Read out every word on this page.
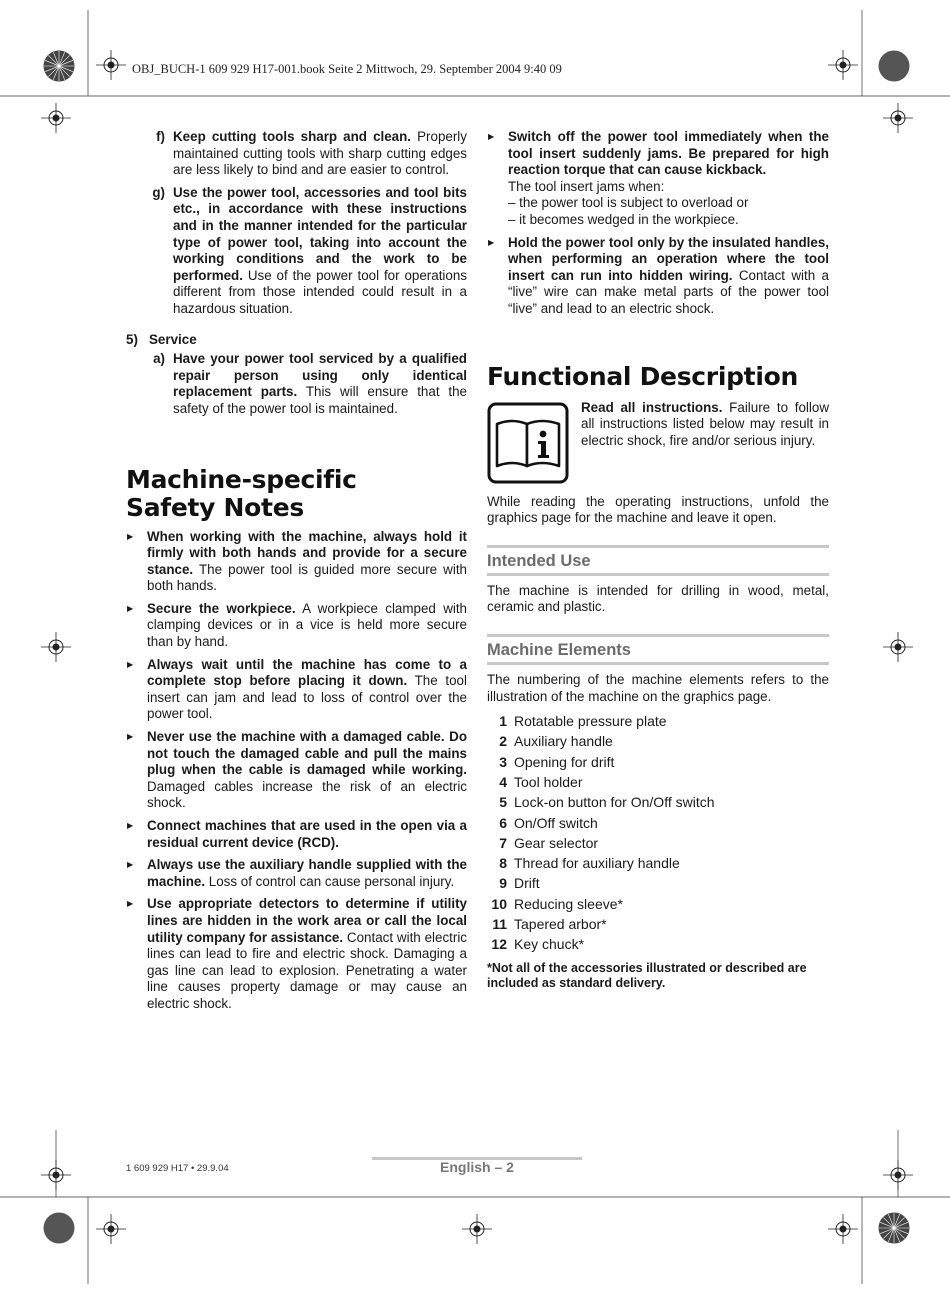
OBJ_BUCH-1 609 929 H17-001.book Seite 2 Mittwoch, 29. September 2004 9:40 09
f) Keep cutting tools sharp and clean. Properly maintained cutting tools with sharp cutting edges are less likely to bind and are easier to control.
g) Use the power tool, accessories and tool bits etc., in accordance with these instructions and in the manner intended for the particular type of power tool, taking into account the working conditions and the work to be performed. Use of the power tool for operations different from those intended could result in a hazardous situation.
5) Service
a) Have your power tool serviced by a qualified repair person using only identical replacement parts. This will ensure that the safety of the power tool is maintained.
Machine-specific
Safety Notes
▶ When working with the machine, always hold it firmly with both hands and provide for a secure stance. The power tool is guided more secure with both hands.
▶ Secure the workpiece. A workpiece clamped with clamping devices or in a vice is held more secure than by hand.
▶ Always wait until the machine has come to a complete stop before placing it down. The tool insert can jam and lead to loss of control over the power tool.
▶ Never use the machine with a damaged cable. Do not touch the damaged cable and pull the mains plug when the cable is damaged while working. Damaged cables increase the risk of an electric shock.
▶ Connect machines that are used in the open via a residual current device (RCD).
▶ Always use the auxiliary handle supplied with the machine. Loss of control can cause personal injury.
▶ Use appropriate detectors to determine if utility lines are hidden in the work area or call the local utility company for assistance. Contact with electric lines can lead to fire and electric shock. Damaging a gas line can lead to explosion. Penetrating a water line causes property damage or may cause an electric shock.
▶ Switch off the power tool immediately when the tool insert suddenly jams. Be prepared for high reaction torque that can cause kickback.
The tool insert jams when:
– the power tool is subject to overload or
– it becomes wedged in the workpiece.
▶ Hold the power tool only by the insulated handles, when performing an operation where the tool insert can run into hidden wiring. Contact with a “live” wire can make metal parts of the power tool “live” and lead to an electric shock.
Functional Description
Read all instructions. Failure to follow all instructions listed below may result in electric shock, fire and/or serious injury.

While reading the operating instructions, unfold the graphics page for the machine and leave it open.

Intended Use

The machine is intended for drilling in wood, metal, ceramic and plastic.

Machine Elements

The numbering of the machine elements refers to the illustration of the machine on the graphics page.

1 Rotatable pressure plate
2 Auxiliary handle
3 Opening for drift
4 Tool holder
5 Lock-on button for On/Off switch
6 On/Off switch
7 Gear selector
8 Thread for auxiliary handle
9 Drift
10 Reducing sleeve*
11 Tapered arbor*
12 Key chuck*
*Not all of the accessories illustrated or described are included as standard delivery.
1 609 929 H17 • 29.9.04	English – 2
